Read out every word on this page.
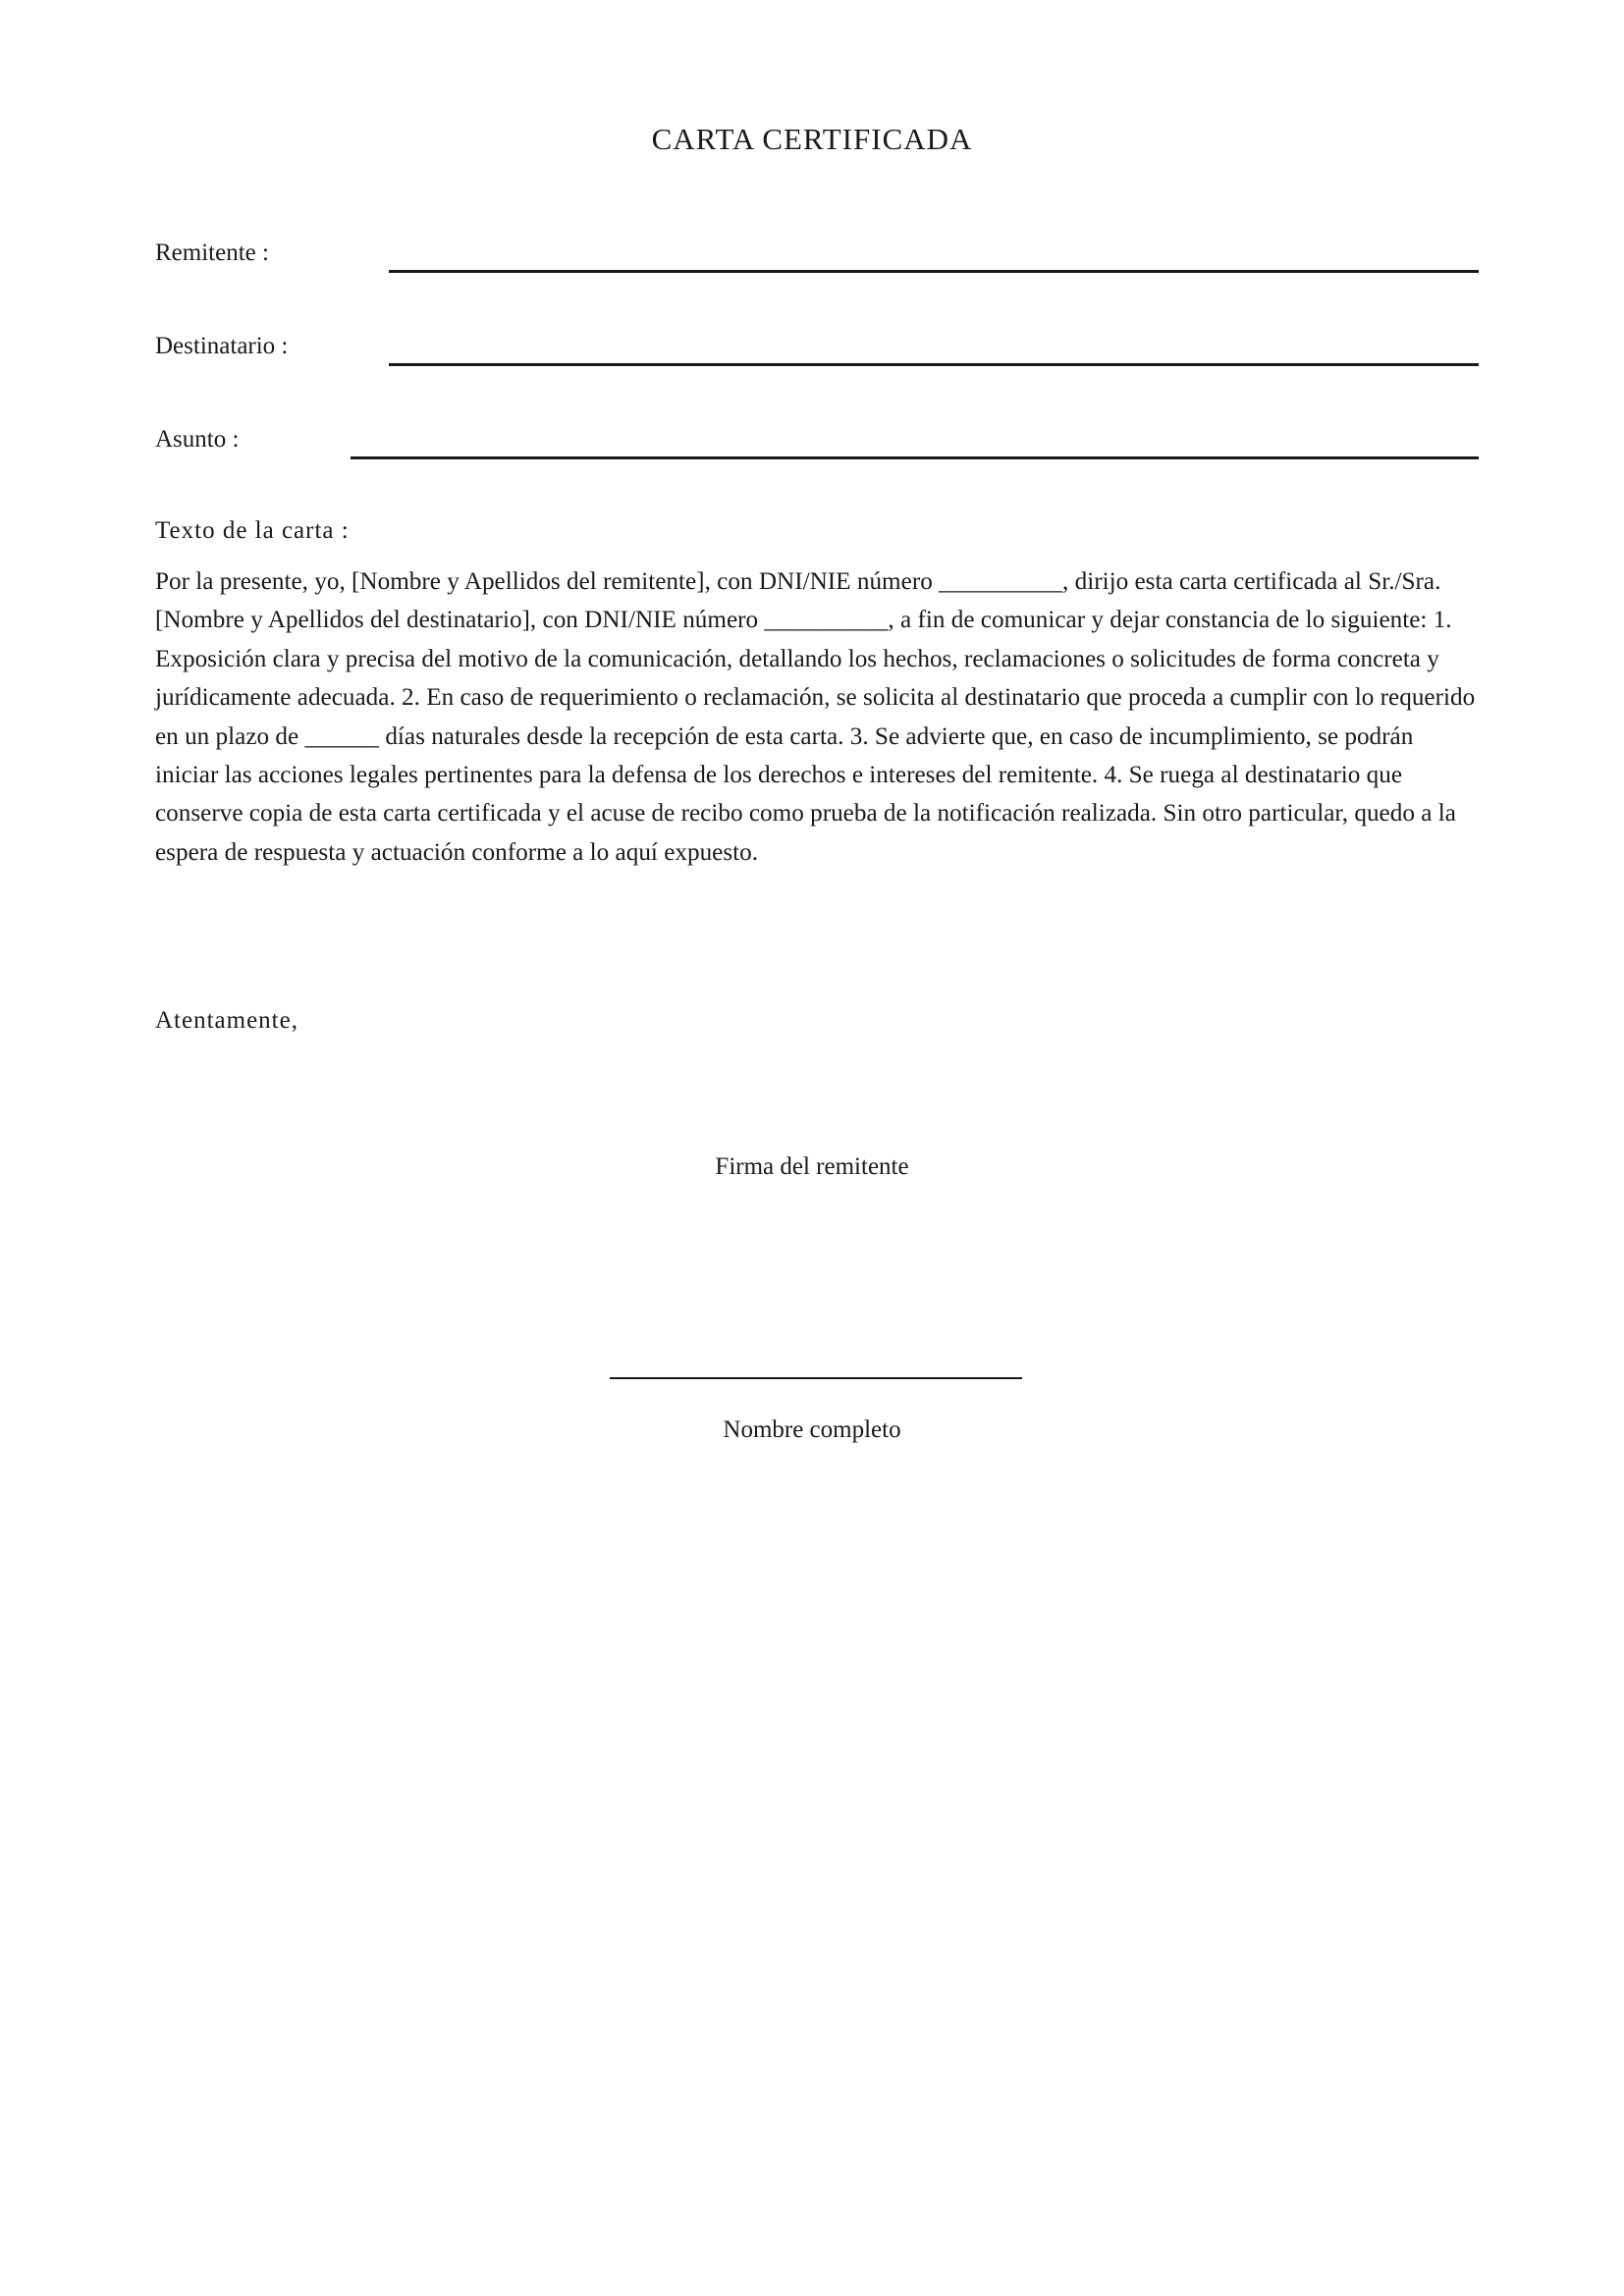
CARTA CERTIFICADA

Remitente :

Destinatario :

Asunto :

Texto de la carta :

Por la presente, yo, [Nombre y Apellidos del remitente], con DNI/NIE número __________, dirijo esta carta certificada al Sr./Sra. [Nombre y Apellidos del destinatario], con DNI/NIE número __________, a fin de comunicar y dejar constancia de lo siguiente: 1. Exposición clara y precisa del motivo de la comunicación, detallando los hechos, reclamaciones o solicitudes de forma concreta y jurídicamente adecuada. 2. En caso de requerimiento o reclamación, se solicita al destinatario que proceda a cumplir con lo requerido en un plazo de ______ días naturales desde la recepción de esta carta. 3. Se advierte que, en caso de incumplimiento, se podrán iniciar las acciones legales pertinentes para la defensa de los derechos e intereses del remitente. 4. Se ruega al destinatario que conserve copia de esta carta certificada y el acuse de recibo como prueba de la notificación realizada. Sin otro particular, quedo a la espera de respuesta y actuación conforme a lo aquí expuesto.

Atentamente,

Firma del remitente

Nombre completo
